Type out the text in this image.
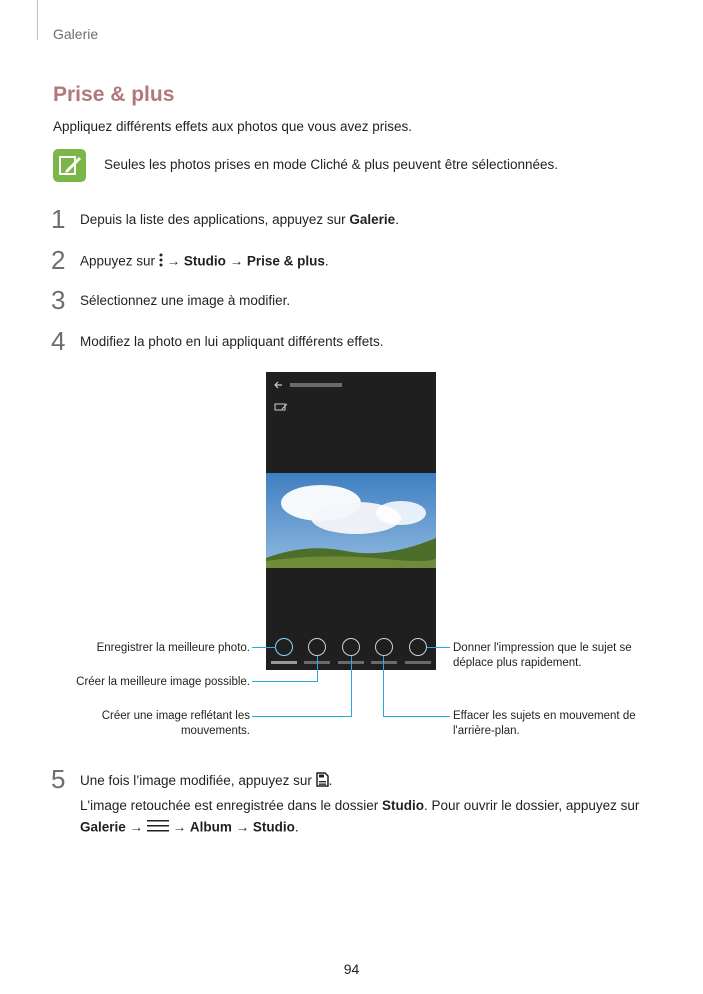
Galerie
Prise & plus
Appliquez différents effets aux photos que vous avez prises.
Seules les photos prises en mode Cliché & plus peuvent être sélectionnées.
1 Depuis la liste des applications, appuyez sur Galerie.
2 Appuyez sur  → Studio → Prise & plus.
3 Sélectionnez une image à modifier.
4 Modifiez la photo en lui appliquant différents effets.
Enregistrer la meilleure photo.
Créer la meilleure image possible.
Créer une image reflétant les mouvements.
Donner l'impression que le sujet se déplace plus rapidement.
Effacer les sujets en mouvement de l'arrière-plan.
5 Une fois l’image modifiée, appuyez sur .
L'image retouchée est enregistrée dans le dossier Studio. Pour ouvrir le dossier, appuyez sur
Galerie → → Album → Studio.
94
